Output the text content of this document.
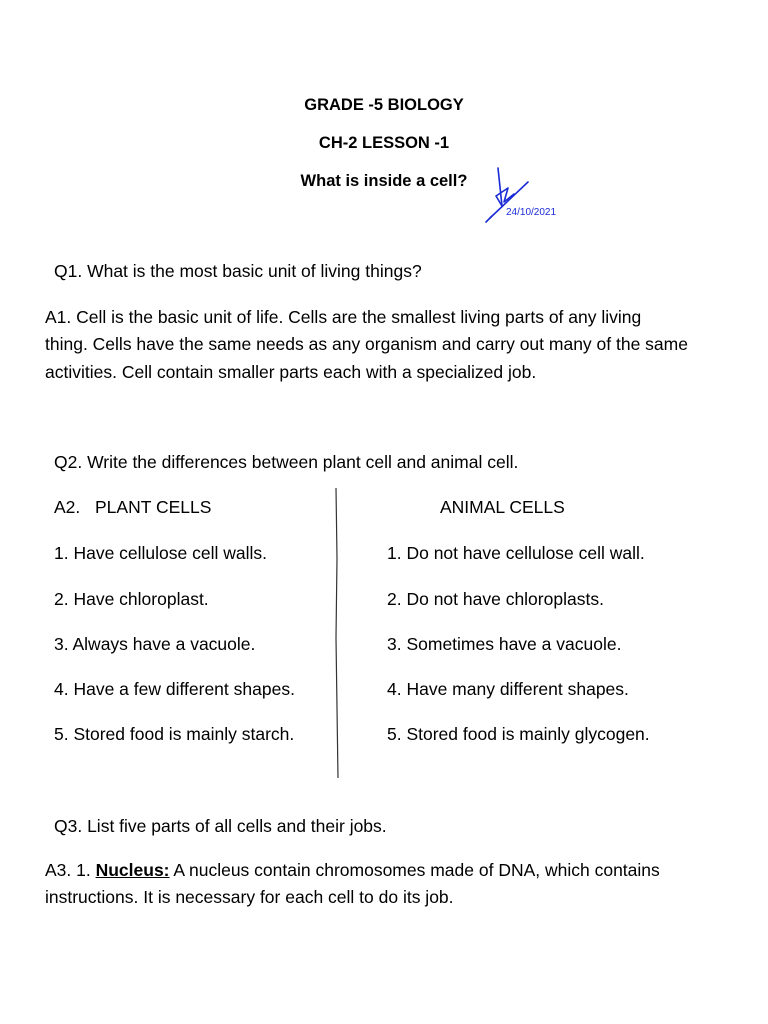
GRADE -5 BIOLOGY
CH-2 LESSON -1
What is inside a cell?
24/10/2021
Q1. What is the most basic unit of living things?
A1. Cell is the basic unit of life. Cells are the smallest living parts of any living
thing. Cells have the same needs as any organism and carry out many of the same
activities. Cell contain smaller parts each with a specialized job.
Q2. Write the differences between plant cell and animal cell.
A2. PLANT CELLS	ANIMAL CELLS
1. Have cellulose cell walls.
2. Have chloroplast.
3. Always have a vacuole.
4. Have a few different shapes.
5. Stored food is mainly starch.
1. Do not have cellulose cell wall.
2. Do not have chloroplasts.
3. Sometimes have a vacuole.
4. Have many different shapes.
5. Stored food is mainly glycogen.
Q3. List five parts of all cells and their jobs.
A3. 1. Nucleus: A nucleus contain chromosomes made of DNA, which contains
instructions. It is necessary for each cell to do its job.
